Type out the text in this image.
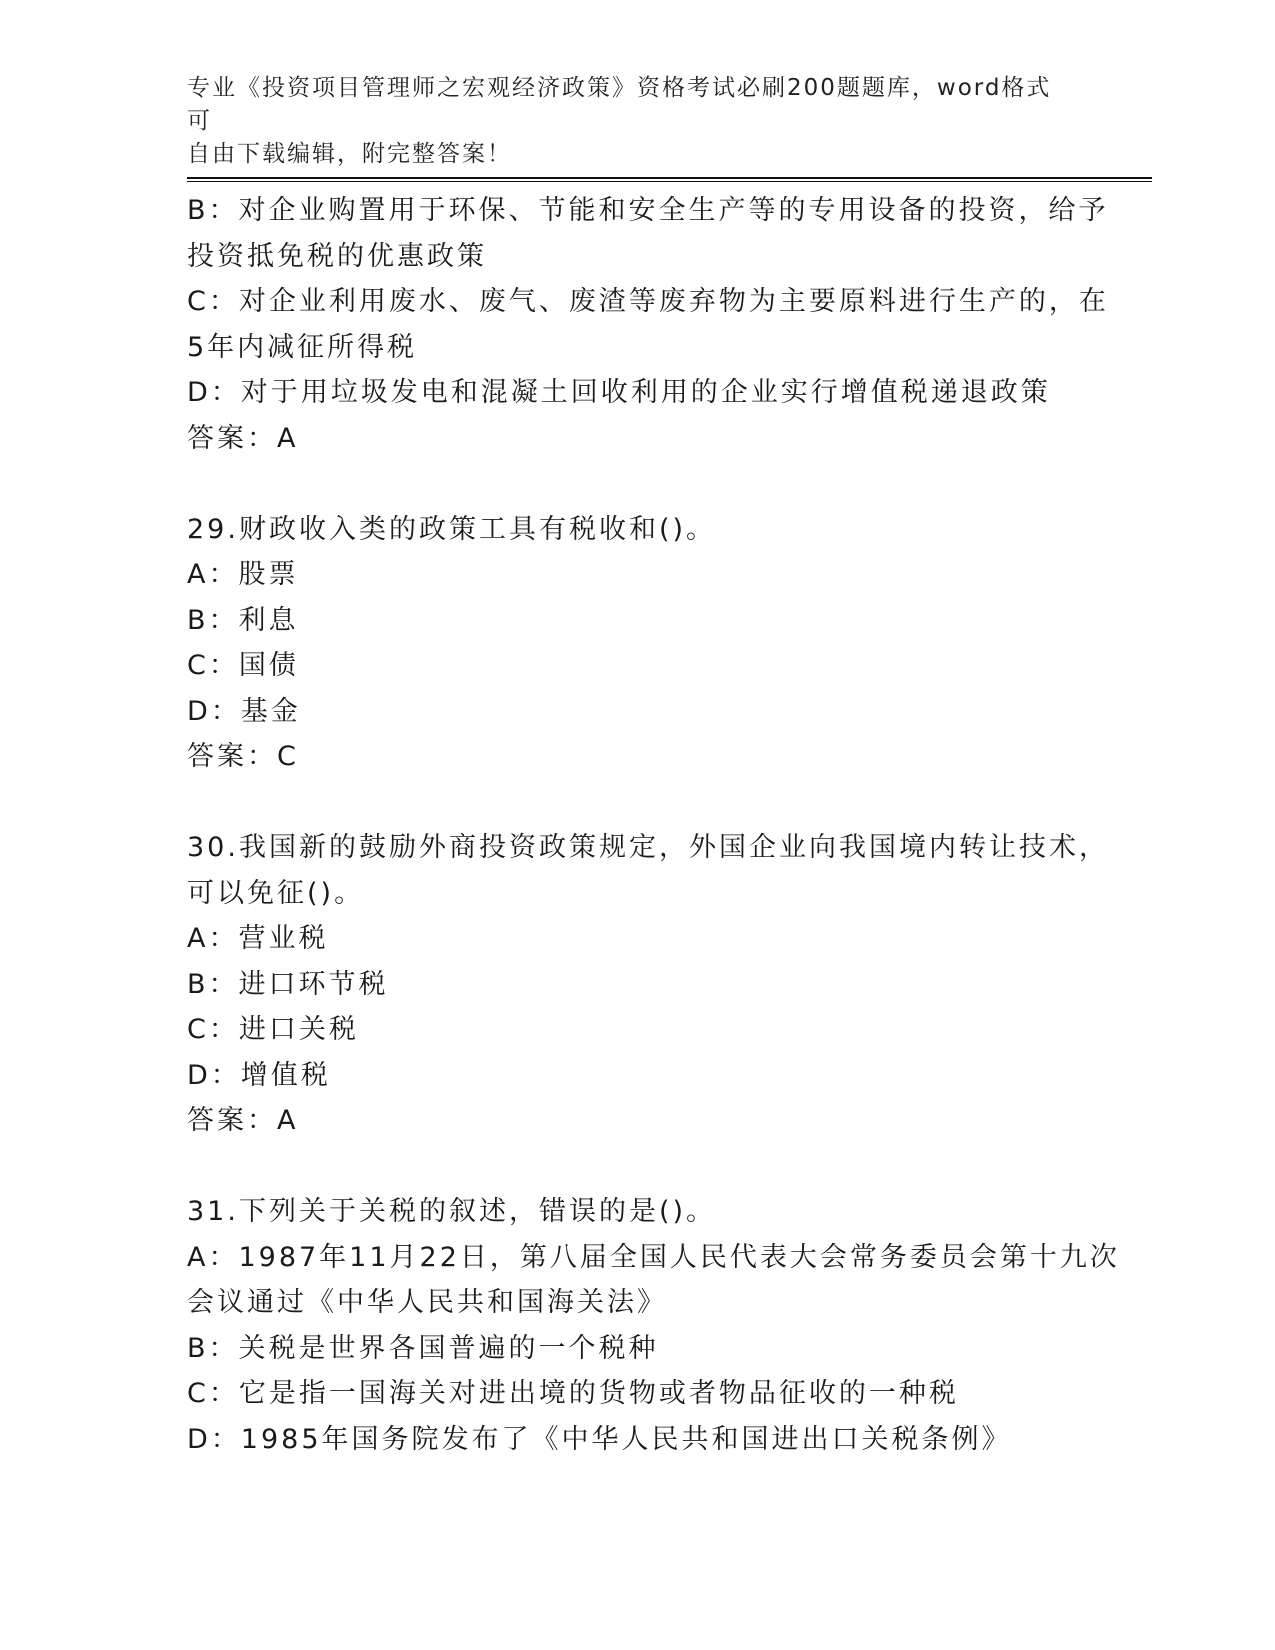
专业《投资项目管理师之宏观经济政策》资格考试必刷200题题库，word格式可
自由下载编辑，附完整答案！
B：对企业购置用于环保、节能和安全生产等的专用设备的投资，给予
投资抵免税的优惠政策
C：对企业利用废水、废气、废渣等废弃物为主要原料进行生产的，在
5年内减征所得税
D：对于用垃圾发电和混凝土回收利用的企业实行增值税递退政策
答案：A
29.财政收入类的政策工具有税收和()。
A：股票
B：利息
C：国债
D：基金
答案：C
30.我国新的鼓励外商投资政策规定，外国企业向我国境内转让技术，
可以免征()。
A：营业税
B：进口环节税
C：进口关税
D：增值税
答案：A
31.下列关于关税的叙述，错误的是()。
A：1987年11月22日，第八届全国人民代表大会常务委员会第十九次
会议通过《中华人民共和国海关法》
B：关税是世界各国普遍的一个税种
C：它是指一国海关对进出境的货物或者物品征收的一种税
D：1985年国务院发布了《中华人民共和国进出口关税条例》
